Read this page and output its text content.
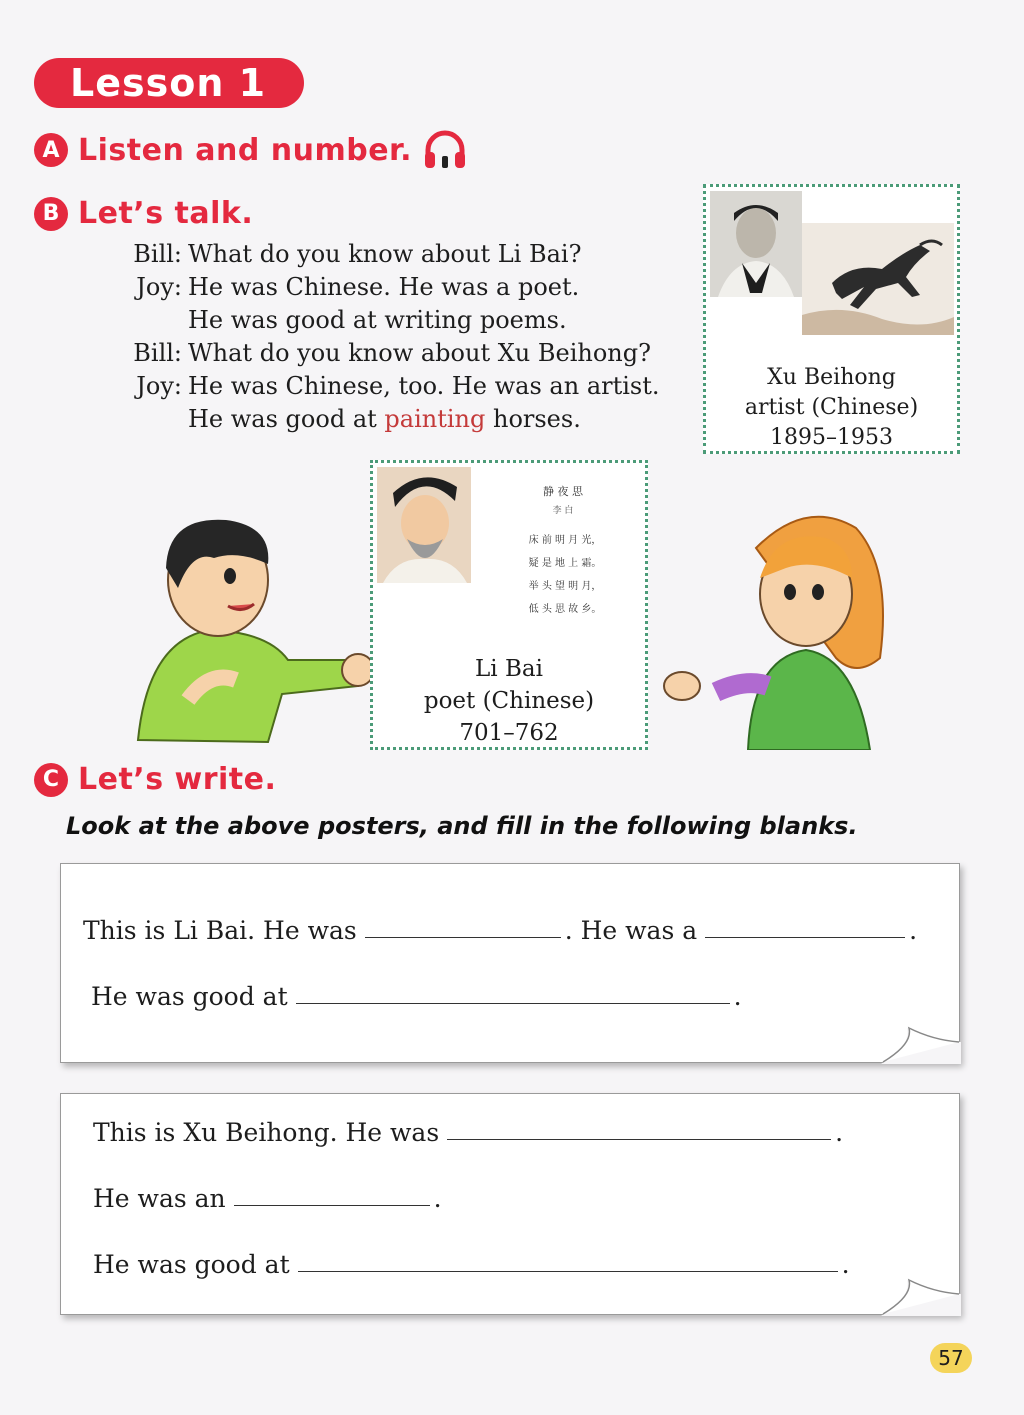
Lesson 1
A Listen and number.
B Let’s talk.
Bill: What do you know about Li Bai?
Joy: He was Chinese. He was a poet.
He was good at writing poems.
Bill: What do you know about Xu Beihong?
Joy: He was Chinese, too. He was an artist.
He was good at painting horses.
Xu Beihong
artist (Chinese)
1895–1953
静 夜 思
李 白
床 前 明 月 光，
疑 是 地 上 霜。
举 头 望 明 月，
低 头 思 故 乡。
Li Bai
poet (Chinese)
701–762
C Let’s write.
Look at the above posters, and fill in the following blanks.
This is Li Bai. He was	. He was a	.
He was good at	.
This is Xu Beihong. He was	.
He was an	.
He was good at	.
57
